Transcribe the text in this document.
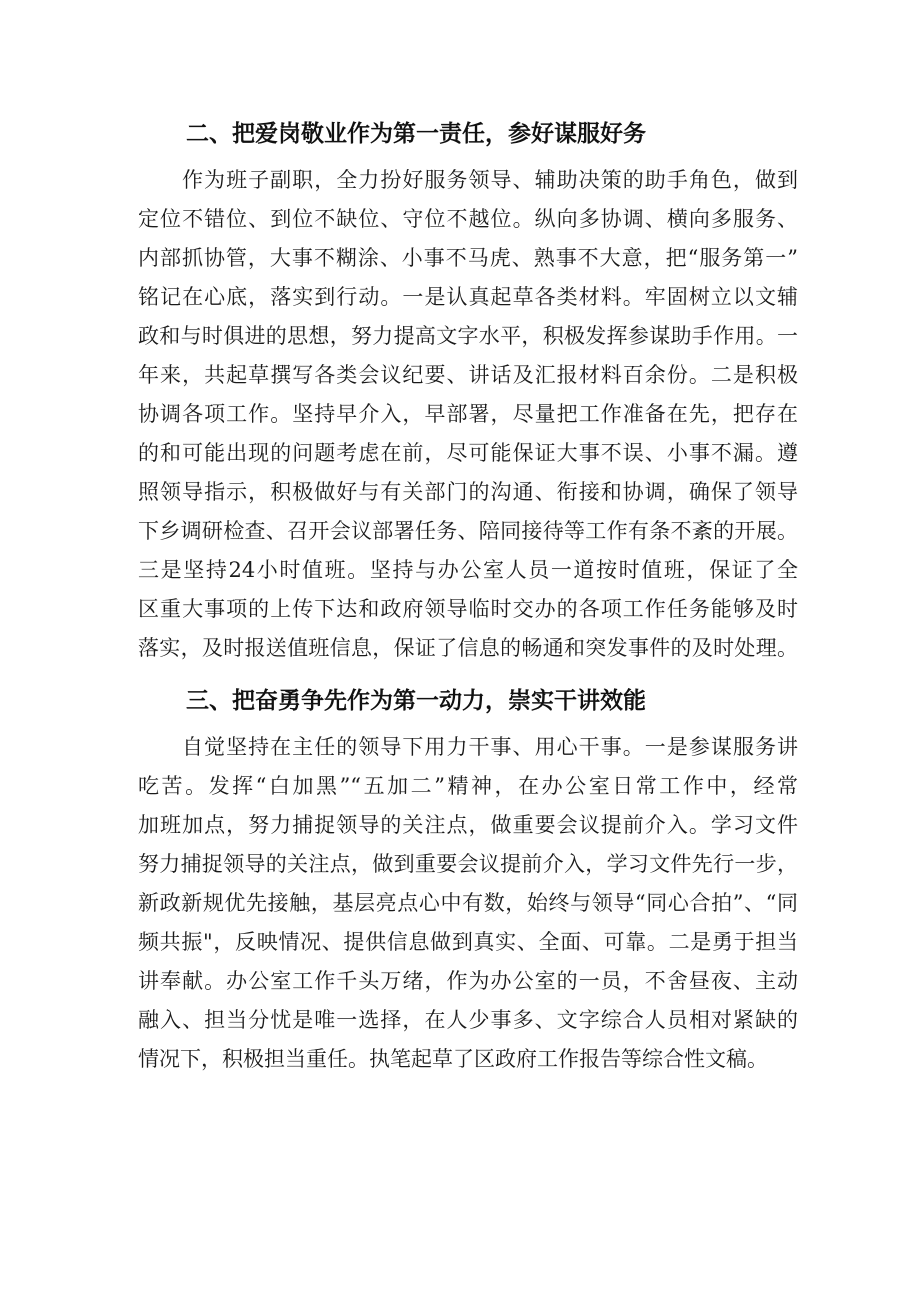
二、把爱岗敬业作为第一责任，参好谋服好务

作为班子副职，全力扮好服务领导、辅助决策的助手角色，做到

定位不错位、到位不缺位、守位不越位。纵向多协调、横向多服务、

内部抓协管，大事不糊涂、小事不马虎、熟事不大意，把“服务第一”

铭记在心底，落实到行动。一是认真起草各类材料。牢固树立以文辅

政和与时俱进的思想，努力提高文字水平，积极发挥参谋助手作用。一

年来，共起草撰写各类会议纪要、讲话及汇报材料百余份。二是积极

协调各项工作。坚持早介入，早部署，尽量把工作准备在先，把存在

的和可能出现的问题考虑在前，尽可能保证大事不误、小事不漏。遵

照领导指示，积极做好与有关部门的沟通、衔接和协调，确保了领导

下乡调研检查、召开会议部署任务、陪同接待等工作有条不紊的开展。

三是坚持24小时值班。坚持与办公室人员一道按时值班，保证了全

区重大事项的上传下达和政府领导临时交办的各项工作任务能够及时

落实，及时报送值班信息，保证了信息的畅通和突发事件的及时处理。

三、把奋勇争先作为第一动力，崇实干讲效能

自觉坚持在主任的领导下用力干事、用心干事。一是参谋服务讲

吃苦。发挥“白加黑”“五加二”精神，在办公室日常工作中，经常

加班加点，努力捕捉领导的关注点，做重要会议提前介入。学习文件

努力捕捉领导的关注点，做到重要会议提前介入，学习文件先行一步，

新政新规优先接触，基层亮点心中有数，始终与领导“同心合拍”、“同

频共振"，反映情况、提供信息做到真实、全面、可靠。二是勇于担当

讲奉献。办公室工作千头万绪，作为办公室的一员，不舍昼夜、主动

融入、担当分忧是唯一选择，在人少事多、文字综合人员相对紧缺的

情况下，积极担当重任。执笔起草了区政府工作报告等综合性文稿。
